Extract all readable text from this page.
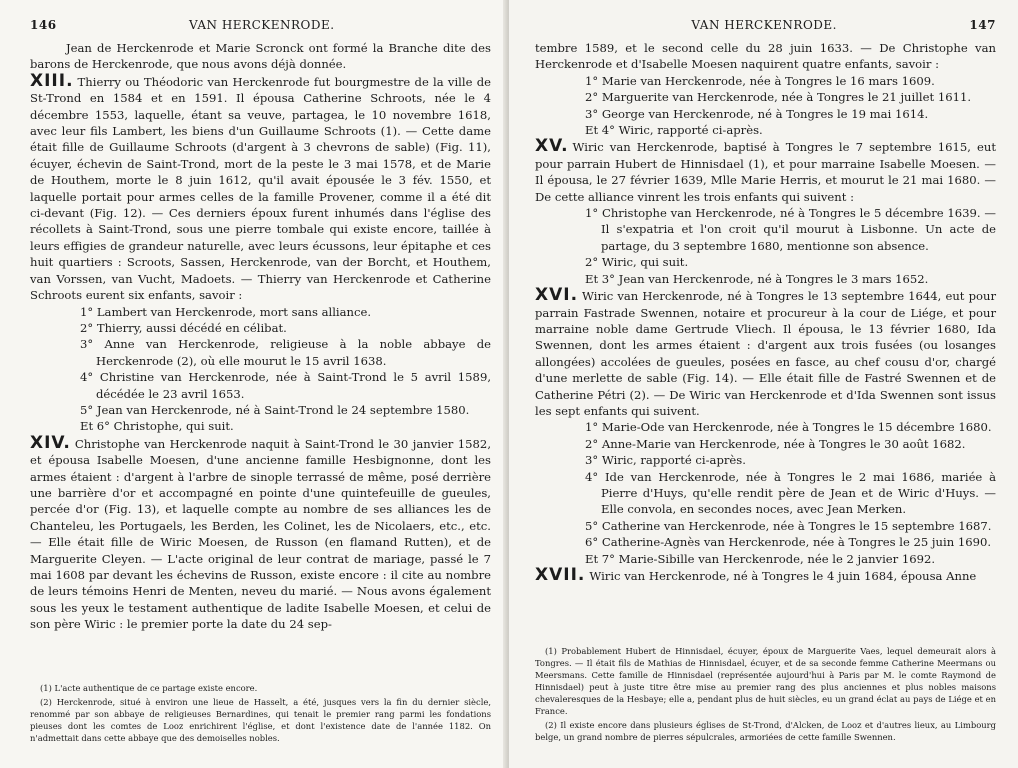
146	VAN HERCKENRODE.

Jean de Herckenrode et Marie Scronck ont formé la Branche dite des barons de Herckenrode, que nous avons déjà donnée.

XIII. Thierry ou Théodoric van Herckenrode fut bourgmestre de la ville de St-Trond en 1584 et en 1591. Il épousa Catherine Schroots, née le 4 décembre 1553, laquelle, étant sa veuve, partagea, le 10 novembre 1618, avec leur fils Lambert, les biens d'un Guillaume Schroots (1). — Cette dame était fille de Guillaume Schroots (d'argent à 3 chevrons de sable) (Fig. 11), écuyer, échevin de Saint-Trond, mort de la peste le 3 mai 1578, et de Marie de Houthem, morte le 8 juin 1612, qu'il avait épousée le 3 fév. 1550, et laquelle portait pour armes celles de la famille Provener, comme il a été dit ci-devant (Fig. 12). — Ces derniers époux furent inhumés dans l'église des récollets à Saint-Trond, sous une pierre tombale qui existe encore, taillée à leurs effigies de grandeur naturelle, avec leurs écussons, leur épitaphe et ces huit quartiers : Scroots, Sassen, Herckenrode, van der Borcht, et Houthem, van Vorssen, van Vucht, Madoets. — Thierry van Herckenrode et Catherine Schroots eurent six enfants, savoir :

1° Lambert van Herckenrode, mort sans alliance.

2° Thierry, aussi décédé en célibat.

3° Anne van Herckenrode, religieuse à la noble abbaye de Herckenrode (2), où elle mourut le 15 avril 1638.

4° Christine van Herckenrode, née à Saint-Trond le 5 avril 1589, décédée le 23 avril 1653.

5° Jean van Herckenrode, né à Saint-Trond le 24 septembre 1580.

Et 6° Christophe, qui suit.

XIV. Christophe van Herckenrode naquit à Saint-Trond le 30 janvier 1582, et épousa Isabelle Moesen, d'une ancienne famille Hesbignonne, dont les armes étaient : d'argent à l'arbre de sinople terrassé de même, posé derrière une barrière d'or et accompagné en pointe d'une quintefeuille de gueules, percée d'or (Fig. 13), et laquelle compte au nombre de ses alliances les de Chanteleu, les Portugaels, les Berden, les Colinet, les de Nicolaers, etc., etc. — Elle était fille de Wiric Moesen, de Russon (en flamand Rutten), et de Marguerite Cleyen. — L'acte original de leur contrat de mariage, passé le 7 mai 1608 par devant les échevins de Russon, existe encore : il cite au nombre de leurs témoins Henri de Menten, neveu du marié. — Nous avons également sous les yeux le testament authentique de ladite Isabelle Moesen, et celui de son père Wiric : le premier porte la date du 24 sep-

(1) L'acte authentique de ce partage existe encore.

(2) Herckenrode, situé à environ une lieue de Hasselt, a été, jusques vers la fin du dernier siècle, renommé par son abbaye de religieuses Bernardines, qui tenait le premier rang parmi les fondations pieuses dont les comtes de Looz enrichirent l'église, et dont l'existence date de l'année 1182. On n'admettait dans cette abbaye que des demoiselles nobles.

VAN HERCKENRODE.	147

tembre 1589, et le second celle du 28 juin 1633. — De Christophe van Herckenrode et d'Isabelle Moesen naquirent quatre enfants, savoir :

1° Marie van Herckenrode, née à Tongres le 16 mars 1609.

2° Marguerite van Herckenrode, née à Tongres le 21 juillet 1611.

3° George van Herckenrode, né à Tongres le 19 mai 1614.

Et 4° Wiric, rapporté ci-après.

XV. Wiric van Herckenrode, baptisé à Tongres le 7 septembre 1615, eut pour parrain Hubert de Hinnisdael (1), et pour marraine Isabelle Moesen. — Il épousa, le 27 février 1639, Mlle Marie Herris, et mourut le 21 mai 1680. — De cette alliance vinrent les trois enfants qui suivent :

1° Christophe van Herckenrode, né à Tongres le 5 décembre 1639. — Il s'expatria et l'on croit qu'il mourut à Lisbonne. Un acte de partage, du 3 septembre 1680, mentionne son absence.

2° Wiric, qui suit.

Et 3° Jean van Herckenrode, né à Tongres le 3 mars 1652.

XVI. Wiric van Herckenrode, né à Tongres le 13 septembre 1644, eut pour parrain Fastrade Swennen, notaire et procureur à la cour de Liége, et pour marraine noble dame Gertrude Vliech. Il épousa, le 13 février 1680, Ida Swennen, dont les armes étaient : d'argent aux trois fusées (ou losanges allongées) accolées de gueules, posées en fasce, au chef cousu d'or, chargé d'une merlette de sable (Fig. 14). — Elle était fille de Fastré Swennen et de Catherine Pétri (2). — De Wiric van Herckenrode et d'Ida Swennen sont issus les sept enfants qui suivent.

1° Marie-Ode van Herckenrode, née à Tongres le 15 décembre 1680.

2° Anne-Marie van Herckenrode, née à Tongres le 30 août 1682.

3° Wiric, rapporté ci-après.

4° Ide van Herckenrode, née à Tongres le 2 mai 1686, mariée à Pierre d'Huys, qu'elle rendit père de Jean et de Wiric d'Huys. — Elle convola, en secondes noces, avec Jean Merken.

5° Catherine van Herckenrode, née à Tongres le 15 septembre 1687.

6° Catherine-Agnès van Herckenrode, née à Tongres le 25 juin 1690.

Et 7° Marie-Sibille van Herckenrode, née le 2 janvier 1692.

XVII. Wiric van Herckenrode, né à Tongres le 4 juin 1684, épousa Anne

(1) Probablement Hubert de Hinnisdael, écuyer, époux de Marguerite Vaes, lequel demeurait alors à Tongres. — Il était fils de Mathias de Hinnisdael, écuyer, et de sa seconde femme Catherine Meermans ou Meersmans. Cette famille de Hinnisdael (représentée aujourd'hui à Paris par M. le comte Raymond de Hinnisdael) peut à juste titre être mise au premier rang des plus anciennes et plus nobles maisons chevaleresques de la Hesbaye; elle a, pendant plus de huit siècles, eu un grand éclat au pays de Liége et en France.

(2) Il existe encore dans plusieurs églises de St-Trond, d'Alcken, de Looz et d'autres lieux, au Limbourg belge, un grand nombre de pierres sépulcrales, armoriées de cette famille Swennen.
